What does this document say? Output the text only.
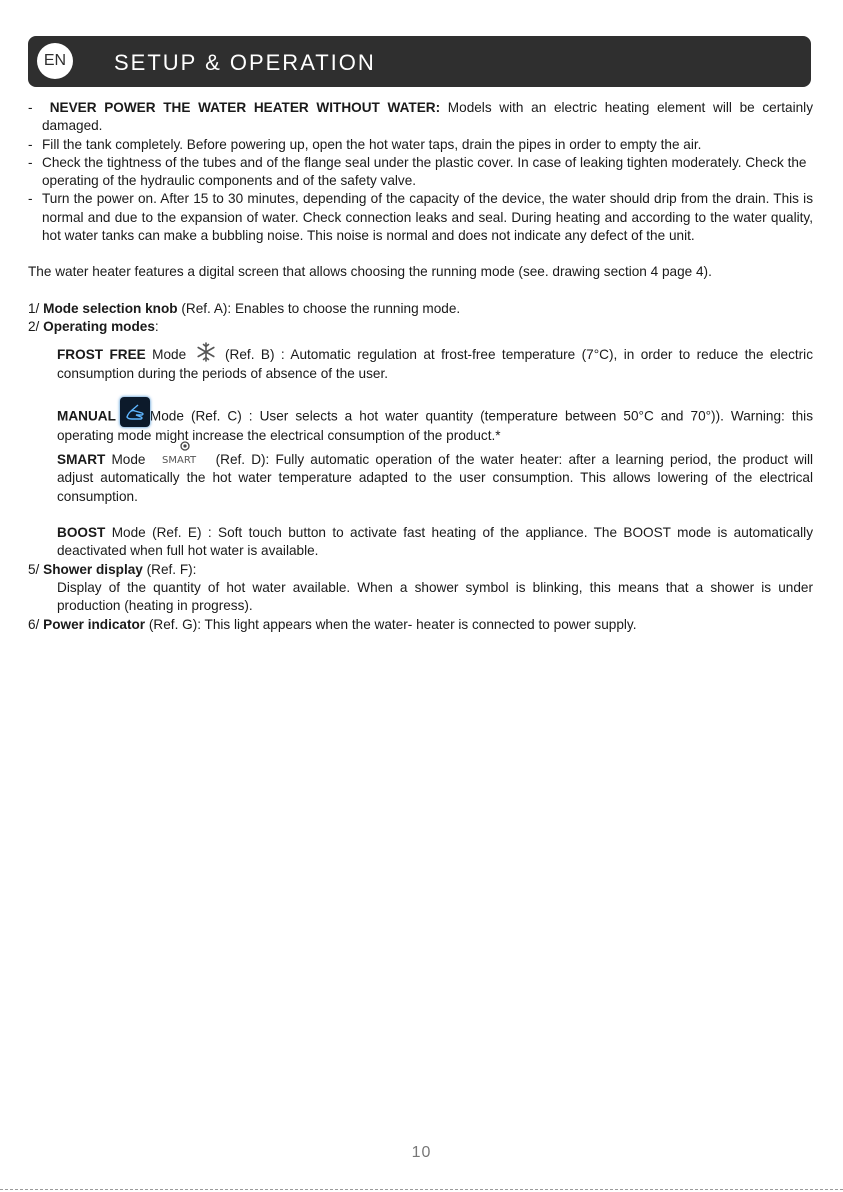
EN	SETUP & OPERATION
- NEVER POWER THE WATER HEATER WITHOUT WATER: Models with an electric heating element will be certainly damaged.
- Fill the tank completely. Before powering up, open the hot water taps, drain the pipes in order to empty the air.
- Check the tightness of the tubes and of the flange seal under the plastic cover. In case of leaking tighten moderately. Check the operating of the hydraulic components and of the safety valve.
- Turn the power on. After 15 to 30 minutes, depending of the capacity of the device, the water should drip from the drain. This is normal and due to the expansion of water. Check connection leaks and seal. During heating and according to the water quality, hot water tanks can make a bubbling noise. This noise is normal and does not indicate any defect of the unit.

The water heater features a digital screen that allows choosing the running mode (see. drawing section 4 page 4).

1/ Mode selection knob (Ref. A): Enables to choose the running mode.

2/ Operating modes:

FROST FREE Mode  (Ref. B) : Automatic regulation at frost-free temperature (7°C), in order to reduce the electric consumption during the periods of absence of the user.
MANUAL	Mode (Ref. C) : User selects a hot water quantity (temperature between 50°C and 70°)). Warning: this operating mode might increase the electrical consumption of the product.*
SMART Mode SMART (Ref. D): Fully automatic operation of the water heater: after a learning period, the product will adjust automatically the hot water temperature adapted to the user consumption. This allows lowering of the electrical consumption.
BOOST Mode (Ref. E) : Soft touch button to activate fast heating of the appliance. The BOOST mode is automatically deactivated when full hot water is available.

5/ Shower display (Ref. F):

Display of the quantity of hot water available. When a shower symbol is blinking, this means that a shower is under production (heating in progress).

6/ Power indicator (Ref. G): This light appears when the water- heater is connected to power supply.

10
